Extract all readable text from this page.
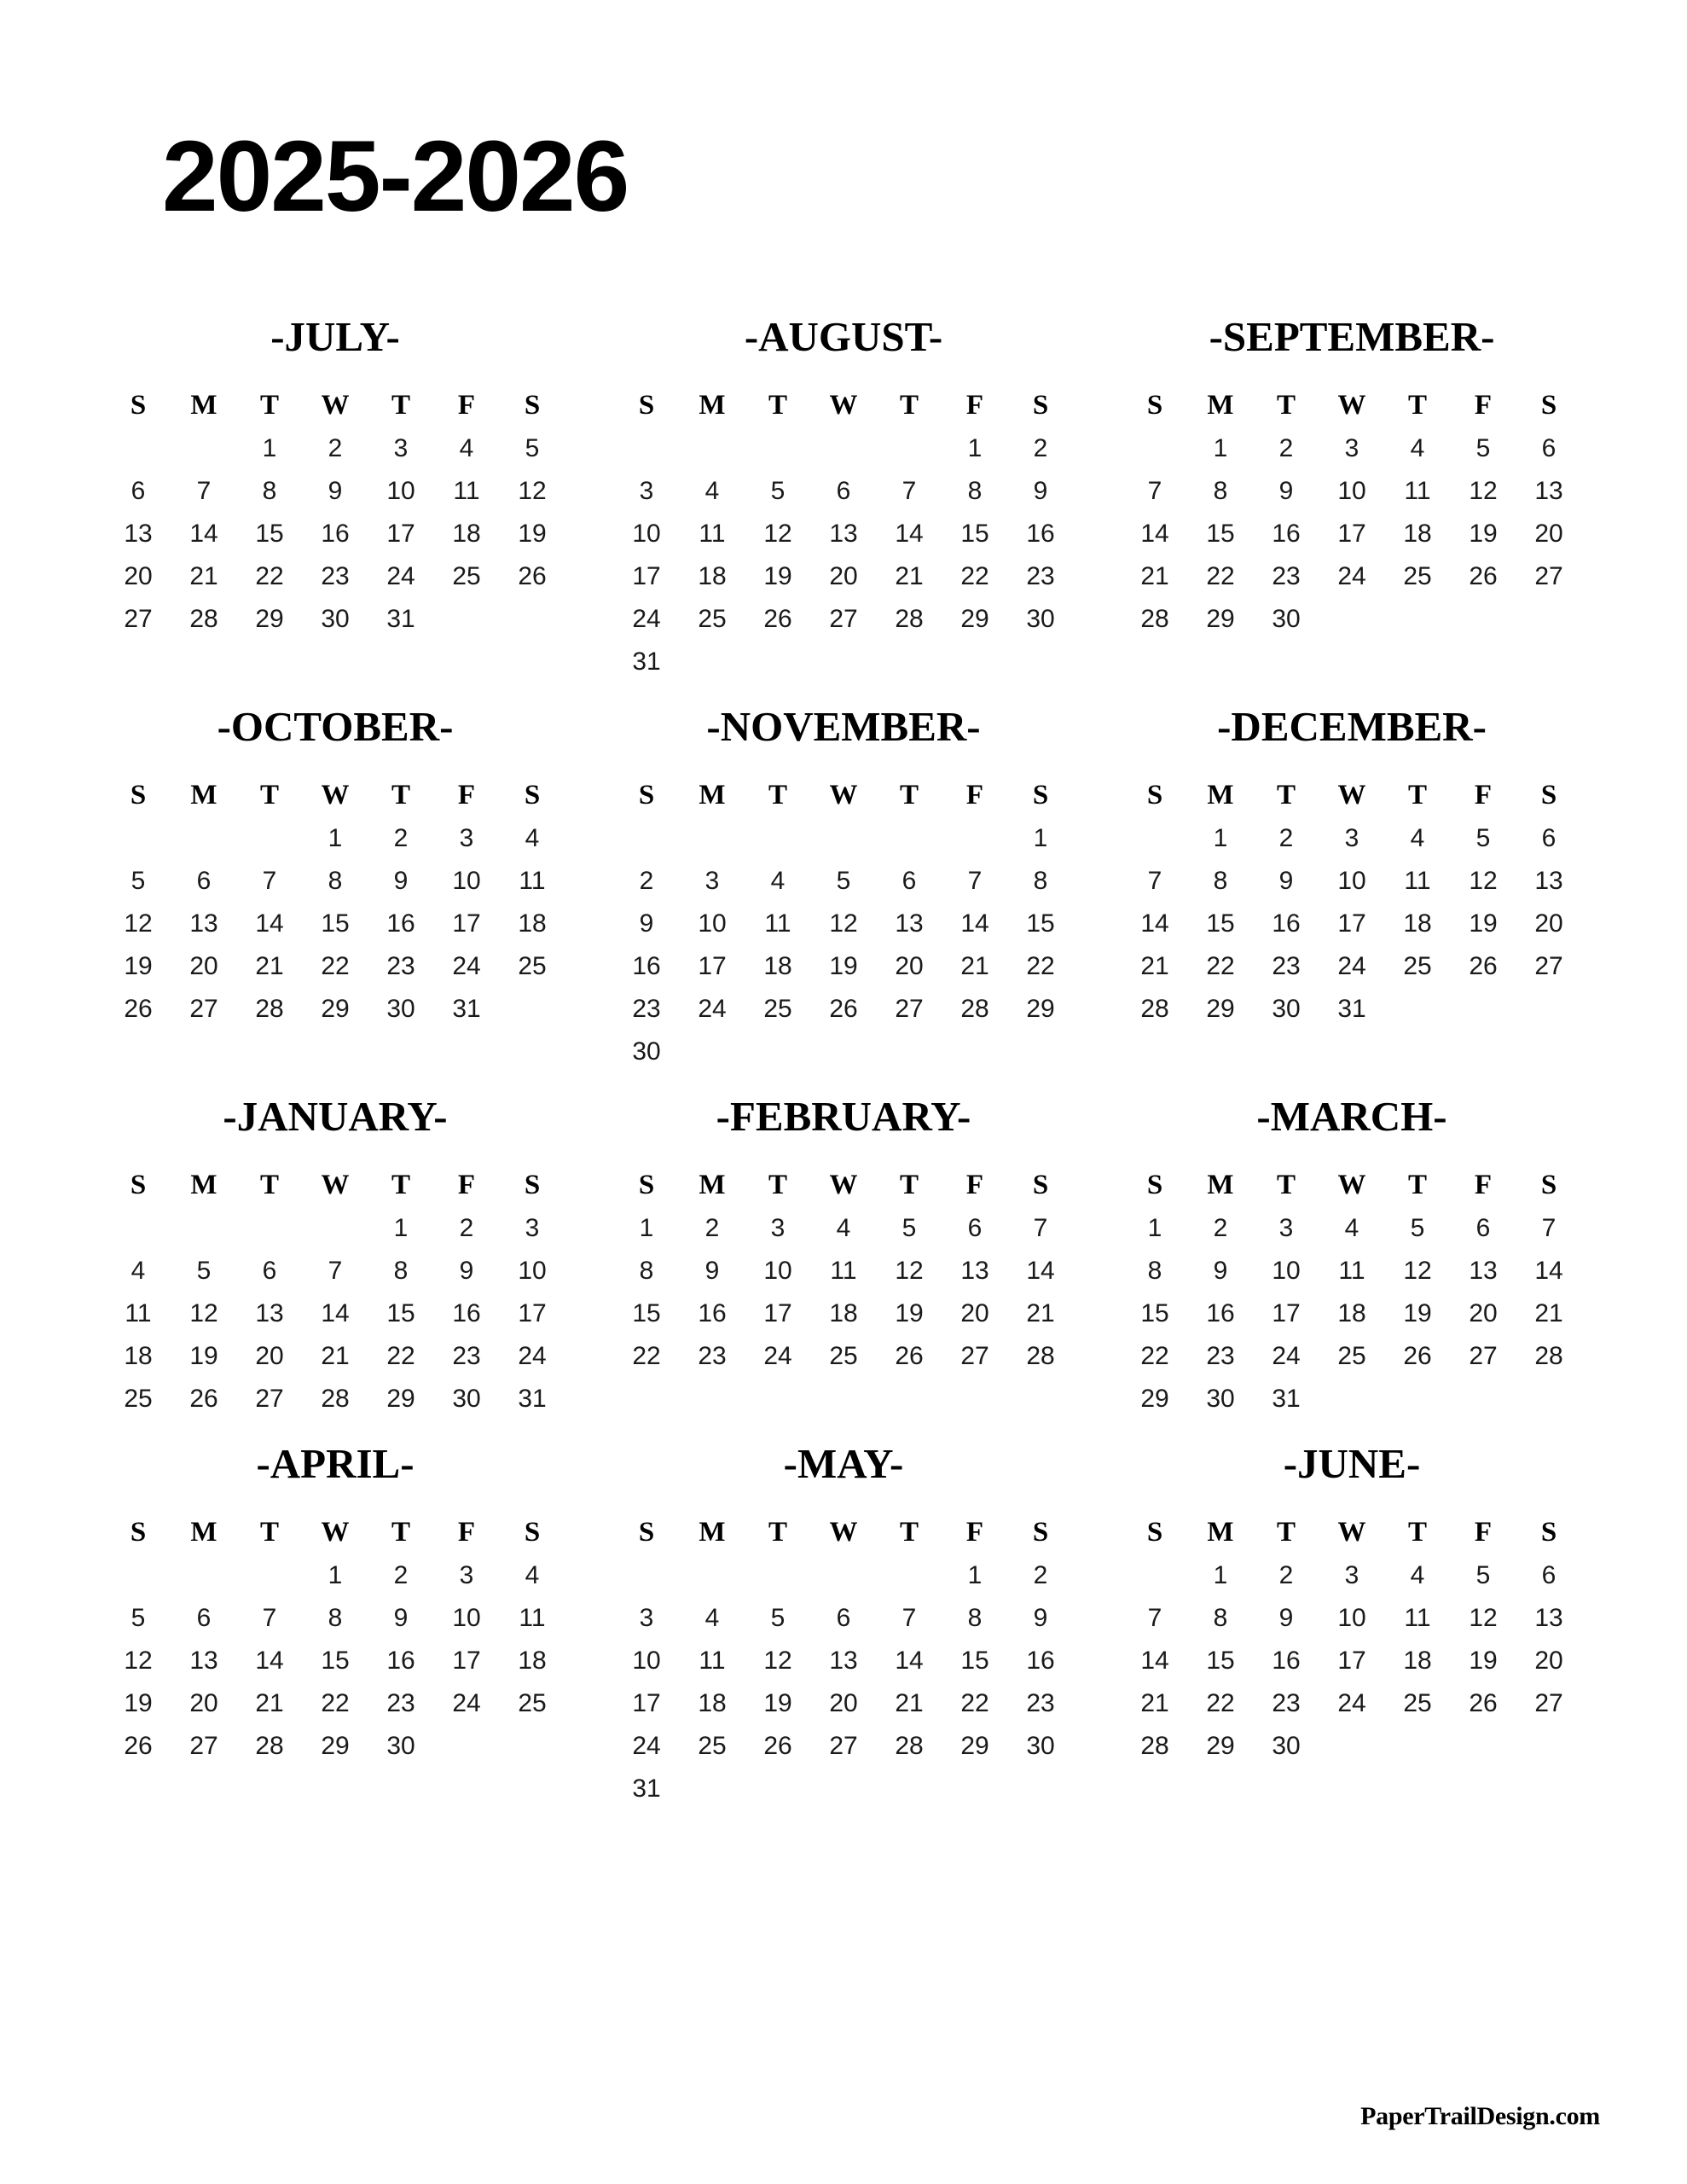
2025-2026
-JULY-
S	M	T	W	T	F	S
		1	2	3	4	5
6	7	8	9	10	11	12
13	14	15	16	17	18	19
20	21	22	23	24	25	26
27	28	29	30	31		
-AUGUST-
S	M	T	W	T	F	S
					1	2
3	4	5	6	7	8	9
10	11	12	13	14	15	16
17	18	19	20	21	22	23
24	25	26	27	28	29	30
31						
-SEPTEMBER-
S	M	T	W	T	F	S
	1	2	3	4	5	6
7	8	9	10	11	12	13
14	15	16	17	18	19	20
21	22	23	24	25	26	27
28	29	30				
-OCTOBER-
S	M	T	W	T	F	S
			1	2	3	4
5	6	7	8	9	10	11
12	13	14	15	16	17	18
19	20	21	22	23	24	25
26	27	28	29	30	31	
-NOVEMBER-
S	M	T	W	T	F	S
						1
2	3	4	5	6	7	8
9	10	11	12	13	14	15
16	17	18	19	20	21	22
23	24	25	26	27	28	29
30						
-DECEMBER-
S	M	T	W	T	F	S
	1	2	3	4	5	6
7	8	9	10	11	12	13
14	15	16	17	18	19	20
21	22	23	24	25	26	27
28	29	30	31			
-JANUARY-
S	M	T	W	T	F	S
				1	2	3
4	5	6	7	8	9	10
11	12	13	14	15	16	17
18	19	20	21	22	23	24
25	26	27	28	29	30	31
-FEBRUARY-
S	M	T	W	T	F	S
1	2	3	4	5	6	7
8	9	10	11	12	13	14
15	16	17	18	19	20	21
22	23	24	25	26	27	28
-MARCH-
S	M	T	W	T	F	S
1	2	3	4	5	6	7
8	9	10	11	12	13	14
15	16	17	18	19	20	21
22	23	24	25	26	27	28
29	30	31				
-APRIL-
S	M	T	W	T	F	S
			1	2	3	4
5	6	7	8	9	10	11
12	13	14	15	16	17	18
19	20	21	22	23	24	25
26	27	28	29	30		
-MAY-
S	M	T	W	T	F	S
					1	2
3	4	5	6	7	8	9
10	11	12	13	14	15	16
17	18	19	20	21	22	23
24	25	26	27	28	29	30
31						
-JUNE-
S	M	T	W	T	F	S
	1	2	3	4	5	6
7	8	9	10	11	12	13
14	15	16	17	18	19	20
21	22	23	24	25	26	27
28	29	30				
PaperTrailDesign.com
